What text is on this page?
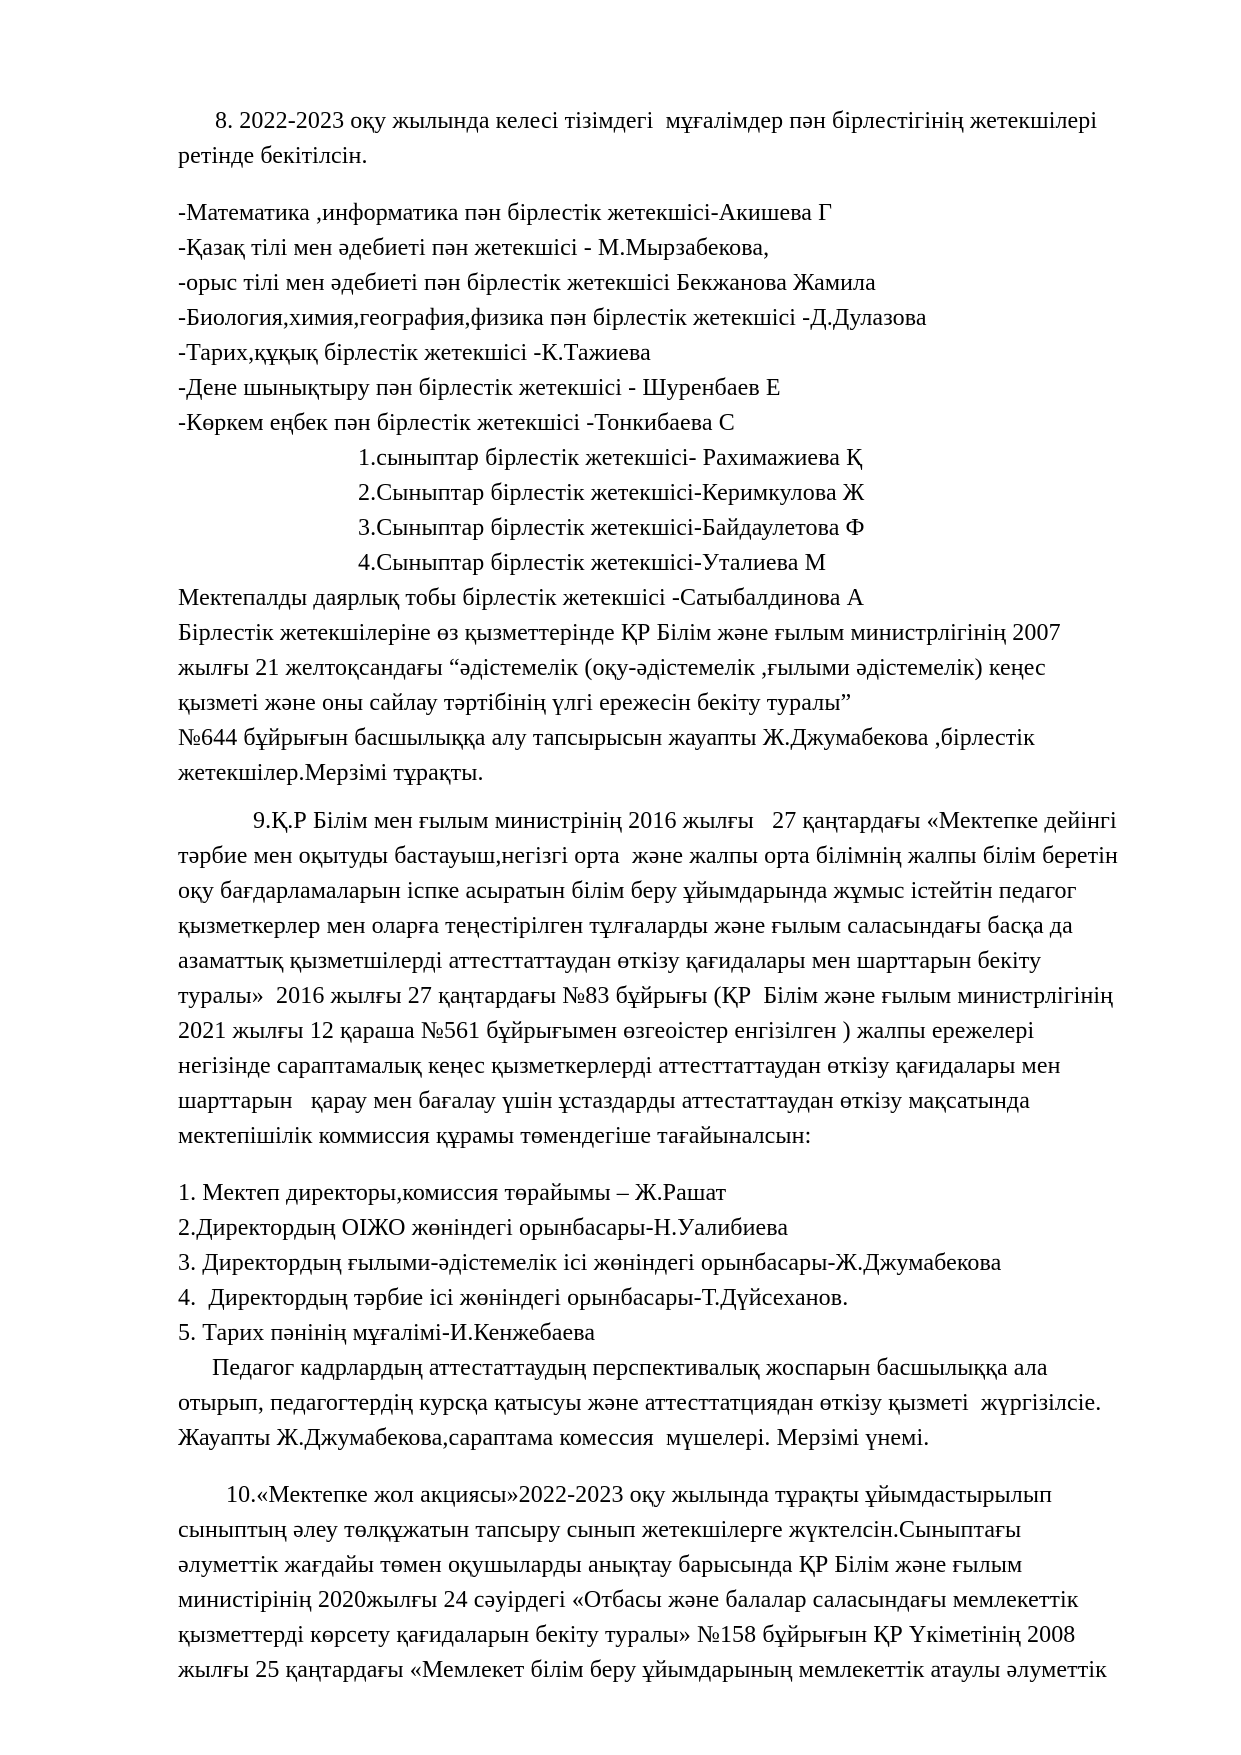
8. 2022-2023 оқу жылында келесі тізімдегі  мұғалімдер пән бірлестігінің жетекшілері
ретінде бекітілсін.
-Математика ,информатика пән бірлестік жетекшісі-Акишева Г
-Қазақ тілі мен әдебиеті пән жетекшісі - М.Мырзабекова,
-орыс тілі мен әдебиеті пән бірлестік жетекшісі Бекжанова Жамила
-Биология,химия,география,физика пән бірлестік жетекшісі -Д.Дулазова
-Тарих,құқық бірлестік жетекшісі -К.Тажиева
-Дене шынықтыру пән бірлестік жетекшісі - Шуренбаев Е
-Көркем еңбек пән бірлестік жетекшісі -Тонкибаева С
1.сыныптар бірлестік жетекшісі- Рахимажиева Қ
2.Сыныптар бірлестік жетекшісі-Керимкулова Ж
3.Сыныптар бірлестік жетекшісі-Байдаулетова Ф
4.Сыныптар бірлестік жетекшісі-Уталиева М
Мектепалды даярлық тобы бірлестік жетекшісі -Сатыбалдинова А
Бірлестік жетекшілеріне өз қызметтерінде ҚР Білім және ғылым министрлігінің 2007
жылғы 21 желтоқсандағы “әдістемелік (оқу-әдістемелік ,ғылыми әдістемелік) кеңес
қызметі және оны сайлау тәртібінің үлгі ережесін бекіту туралы”
№644 бұйрығын басшылыққа алу тапсырысын жауапты Ж.Джумабекова ,бірлестік
жетекшілер.Мерзімі тұрақты.
9.Қ.Р Білім мен ғылым министрінің 2016 жылғы   27 қаңтардағы «Мектепке дейінгі
тәрбие мен оқытуды бастауыш,негізгі орта  және жалпы орта білімнің жалпы білім беретін
оқу бағдарламаларын іспке асыратын білім беру ұйымдарында жұмыс істейтін педагог
қызметкерлер мен оларға теңестірілген тұлғаларды және ғылым саласындағы басқа да
азаматтық қызметшілерді аттесттаттаудан өткізу қағидалары мен шарттарын бекіту
туралы»  2016 жылғы 27 қаңтардағы №83 бұйрығы (ҚР  Білім және ғылым министрлігінің
2021 жылғы 12 қараша №561 бұйрығымен өзгеоістер енгізілген ) жалпы ережелері
негізінде сараптамалық кеңес қызметкерлерді аттесттаттаудан өткізу қағидалары мен
шарттарын   қарау мен бағалау үшін ұстаздарды аттестаттаудан өткізу мақсатында
мектепішілік коммиссия құрамы төмендегіше тағайыналсын:
1. Мектеп директоры,комиссия төрайымы – Ж.Рашат
2.Директордың ОІЖО жөніндегі орынбасары-Н.Уалибиева
3. Директордың ғылыми-әдістемелік ісі жөніндегі орынбасары-Ж.Джумабекова
4.  Директордың тәрбие ісі жөніндегі орынбасары-Т.Дүйсеханов.
5. Тарих пәнінің мұғалімі-И.Кенжебаева
Педагог кадрлардың аттестаттаудың перспективалық жоспарын басшылыққа ала
отырып, педагогтердің курсқа қатысуы және аттесттатциядан өткізу қызметі  жүргізілсіе.
Жауапты Ж.Джумабекова,сараптама комессия  мүшелері. Мерзімі үнемі.
10.«Мектепке жол акциясы»2022-2023 оқу жылында тұрақты ұйымдастырылып
сыныптың әлеу төлқұжатын тапсыру сынып жетекшілерге жүктелсін.Сыныптағы
әлуметтік жағдайы төмен оқушыларды анықтау барысында ҚР Білім және ғылым
министірінің 2020жылғы 24 сәуірдегі «Отбасы және балалар саласындағы мемлекеттік
қызметтерді көрсету қағидаларын бекіту туралы» №158 бұйрығын ҚР Үкіметінің 2008
жылғы 25 қаңтардағы «Мемлекет білім беру ұйымдарының мемлекеттік атаулы әлуметтік
